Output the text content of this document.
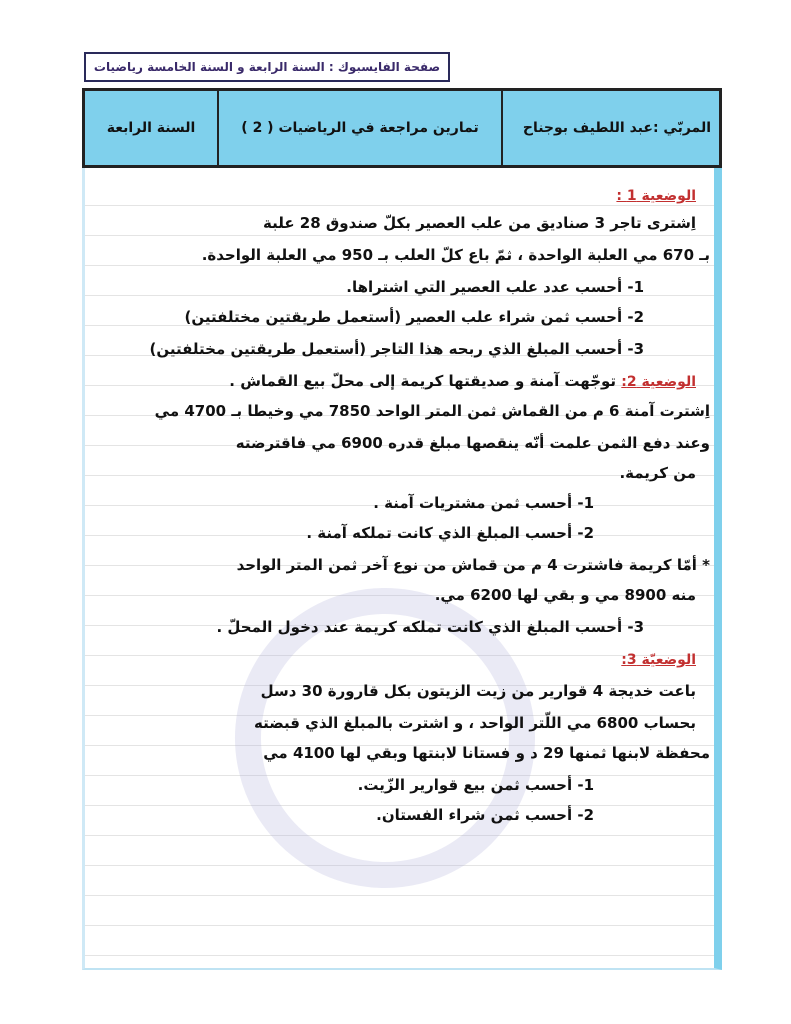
صفحة الفايسبوك : السنة الرابعة و السنة الخامسة رياضيات
المربّي :عبد اللطيف بوجناح
تمارين مراجعة في الرياضيات ( 2 )
السنة الرابعة
الوضعية 1 :
اِشترى تاجر 3 صناديق من علب العصير بكلّ صندوق 28 علبة
بـ 670 مي العلبة الواحدة ، ثمّ باع كلّ العلب بـ 950 مي العلبة الواحدة.
1- أحسب عدد علب العصير التي اشتراها.
2- أحسب ثمن شراء علب العصير (أستعمل طريقتين مختلفتين)
3- أحسب المبلغ الذي ربحه هذا التاجر (أستعمل طريقتين مختلفتين)
الوضعية 2: توجّهت آمنة و صديقتها كريمة إلى محلّ بيع القماش .
اِشترت آمنة 6 م من القماش ثمن المتر الواحد 7850 مي وخيطا بـ 4700 مي
وعند دفع الثمن علمت أنّه ينقصها مبلغ قدره 6900 مي فاقترضته
من كريمة.
1- أحسب ثمن مشتريات آمنة .
2- أحسب المبلغ الذي كانت تملكه آمنة .
* أمّا كريمة فاشترت 4 م من قماش من نوع آخر ثمن المتر الواحد
منه 8900 مي و بقي لها 6200 مي.
3- أحسب المبلغ الذي كانت تملكه كريمة عند دخول المحلّ .
الوضعيّة 3:
باعت خديجة 4 قوارير من زيت الزيتون بكل قارورة 30 دسل
بحساب 6800 مي اللّتر الواحد ، و اشترت بالمبلغ الذي قبضته
محفظة لابنها ثمنها 29 د و فستانا لابنتها وبقي لها 4100 مي
1- أحسب ثمن بيع قوارير الزّيت.
2- أحسب ثمن شراء الفستان.
